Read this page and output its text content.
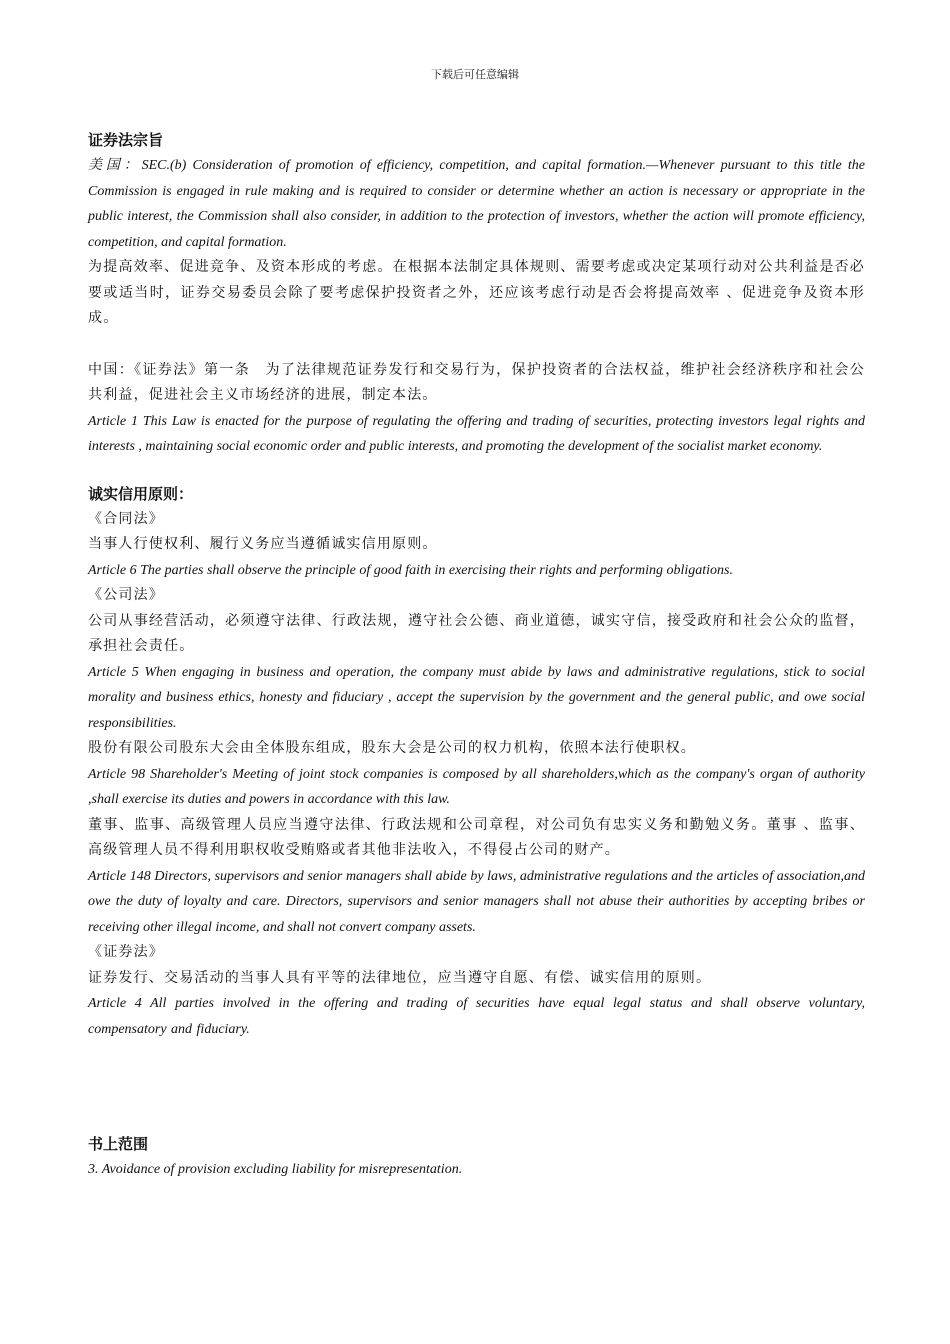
下载后可任意编辑

证券法宗旨

美国：SEC.(b) Consideration of promotion of efficiency, competition, and capital formation.—Whenever pursuant to this title the Commission is engaged in rule making and is required to consider or determine whether an action is necessary or appropriate in the public interest, the Commission shall also consider, in addition to the protection of investors, whether the action will promote efficiency, competition, and capital formation.

为提高效率、促进竞争、及资本形成的考虑。在根据本法制定具体规则、需要考虑或决定某项行动对公共利益是否必要或适当时，证券交易委员会除了要考虑保护投资者之外，还应该考虑行动是否会将提高效率 、促进竞争及资本形成。

中国：《证券法》第一条　为了法律规范证券发行和交易行为，保护投资者的合法权益，维护社会经济秩序和社会公共利益，促进社会主义市场经济的进展，制定本法。

Article 1 This Law is enacted for the purpose of regulating the offering and trading of securities, protecting investors legal rights and interests , maintaining social economic order and public interests, and promoting the development of the socialist market economy.

诚实信用原则：

《合同法》

当事人行使权利、履行义务应当遵循诚实信用原则。

Article 6 The parties shall observe the principle of good faith in exercising their rights and performing obligations.

《公司法》

公司从事经营活动，必须遵守法律、行政法规，遵守社会公德、商业道德，诚实守信，接受政府和社会公众的监督，承担社会责任。

Article 5 When engaging in business and operation, the company must abide by laws and administrative regulations, stick to social morality and business ethics, honesty and fiduciary , accept the supervision by the government and the general public, and owe social responsibilities.

股份有限公司股东大会由全体股东组成，股东大会是公司的权力机构，依照本法行使职权。

Article 98 Shareholder's Meeting of joint stock companies is composed by all shareholders,which as the company's organ of authority ,shall exercise its duties and powers in accordance with this law.

董事、监事、高级管理人员应当遵守法律、行政法规和公司章程，对公司负有忠实义务和勤勉义务。董事 、监事、高级管理人员不得利用职权收受贿赂或者其他非法收入，不得侵占公司的财产。

Article 148 Directors, supervisors and senior managers shall abide by laws, administrative regulations and the articles of association,and owe the duty of loyalty and care. Directors, supervisors and senior managers shall not abuse their authorities by accepting bribes or receiving other illegal income, and shall not convert company assets.

《证券法》

证券发行、交易活动的当事人具有平等的法律地位，应当遵守自愿、有偿、诚实信用的原则。

Article 4 All parties involved in the offering and trading of securities have equal legal status and shall observe voluntary, compensatory and fiduciary.

书上范围

3. Avoidance of provision excluding liability for misrepresentation.
